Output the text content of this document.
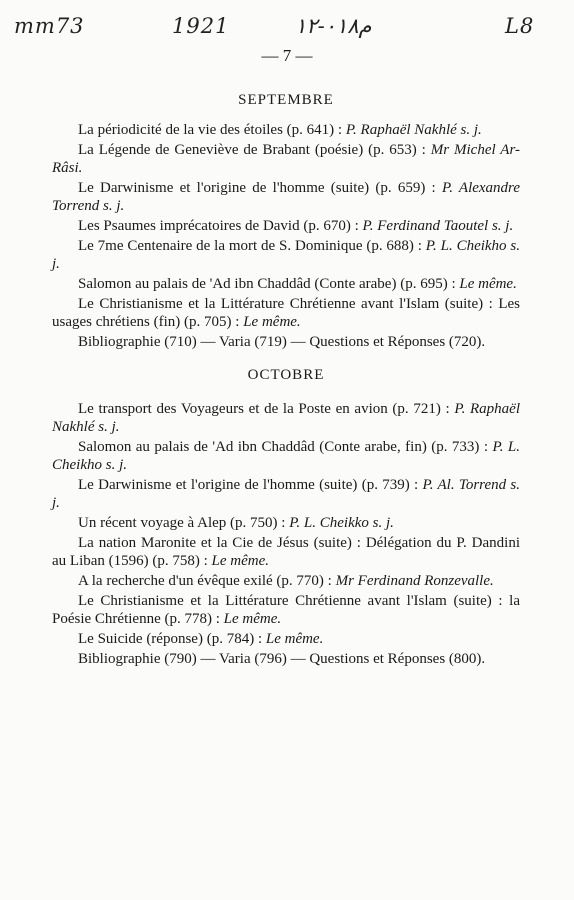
mm73	1921	م٠١٨-١٢	L8
— 7 —
SEPTEMBRE

La périodicité de la vie des étoiles (p. 641) : P. Raphaël Nakhlé s. j.

La Légende de Geneviève de Brabant (poésie) (p. 653) : Mr Michel Ar-Râsi.

Le Darwinisme et l'origine de l'homme (suite) (p. 659) : P. Alexandre Torrend s. j.

Les Psaumes imprécatoires de David (p. 670) : P. Ferdinand Taoutel s. j.

Le 7me Centenaire de la mort de S. Dominique (p. 688) : P. L. Cheikho s. j.

Salomon au palais de 'Ad ibn Chaddâd (Conte arabe) (p. 695) : Le même.

Le Christianisme et la Littérature Chrétienne avant l'Islam (suite) : Les usages chrétiens (fin) (p. 705) : Le même.

Bibliographie (710) — Varia (719) — Questions et Réponses (720).

OCTOBRE

Le transport des Voyageurs et de la Poste en avion (p. 721) : P. Raphaël Nakhlé s. j.

Salomon au palais de 'Ad ibn Chaddâd (Conte arabe, fin) (p. 733) : P. L. Cheikho s. j.

Le Darwinisme et l'origine de l'homme (suite) (p. 739) : P. Al. Torrend s. j.

Un récent voyage à Alep (p. 750) : P. L. Cheikko s. j.

La nation Maronite et la Cie de Jésus (suite) : Délégation du P. Dandini au Liban (1596) (p. 758) : Le même.

A la recherche d'un évêque exilé (p. 770) : Mr Ferdinand Ronzevalle.

Le Christianisme et la Littérature Chrétienne avant l'Islam (suite) : la Poésie Chrétienne (p. 778) : Le même.

Le Suicide (réponse) (p. 784) : Le même.

Bibliographie (790) — Varia (796) — Questions et Réponses (800).
